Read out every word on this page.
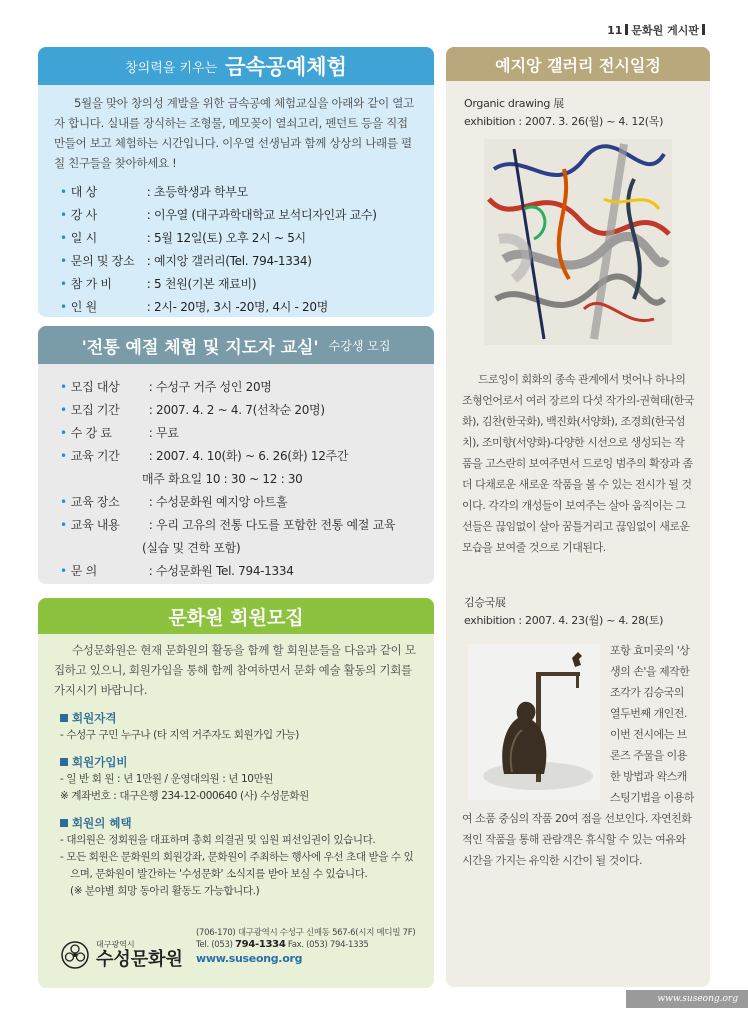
11 문화원 게시판
창의력을 키우는 금속공예체험

5월을 맞아 창의성 계발을 위한 금속공예 체험교실을 아래와 같이 열고자 합니다. 실내를 장식하는 조형물, 메모꽂이 열쇠고리, 펜던트 등을 직접 만들어 보고 체험하는 시간입니다. 이우열 선생님과 함께 상상의 나래를 펼칠 친구들을 찾아하세요 !

• 대 상	: 초등학생과 학부모
• 강 사	: 이우열 (대구과학대학교 보석디자인과 교수)
• 일 시	: 5월 12일(토) 오후 2시 ~ 5시
• 문의 및 장소 : 예지앙 갤러리(Tel. 794-1334)
• 참 가 비	: 5 천원(기본 재료비)
• 인 원	: 2시- 20명, 3시 -20명, 4시 - 20명
'전통 예절 체험 및 지도자 교실' 수강생 모집
• 모집 대상 : 수성구 거주 성인 20명
• 모집 기간 : 2007. 4. 2 ~ 4. 7(선착순 20명)
• 수 강 료	: 무료
• 교육 기간 : 2007. 4. 10(화) ~ 6. 26(화) 12주간
매주 화요일 10 : 30 ~ 12 : 30
• 교육 장소 : 수성문화원 예지앙 아트홀
• 교육 내용 : 우리 고유의 전통 다도를 포함한 전통 예절 교육
(실습 및 견학 포함)
• 문 의	: 수성문화원 Tel. 794-1334
문화원 회원모집

수성문화원은 현재 문화원의 활동을 함께 할 회원분들을 다음과 같이 모집하고 있으니, 회원가입을 통해 함께 참여하면서 문화 예술 활동의 기회를 가지시기 바랍니다.

회원자격
- 수성구 구민 누구나 (타 지역 거주자도 회원가입 가능)
회원가입비
- 일 반 회 원 : 년 1만원 / 운영대의원 : 년 10만원
※ 계좌번호 : 대구은행 234-12-000640 (사) 수성문화원
회원의 혜택
- 대의원은 정회원을 대표하며 총회 의결권 및 임원 피선임권이 있습니다.
- 모든 회원은 문화원의 회원강좌, 문화원이 주최하는 행사에 우선 초대 받을 수 있
으며, 문화원이 발간하는 '수성문화' 소식지를 받아 보실 수 있습니다.
(※ 분야별 희망 동아리 활동도 가능합니다.)
대구광역시
수성문화원
(706-170) 대구광역시 수성구 신매동 567-6(시지 메디빌 7F)
Tel. (053) 794-1334 Fax. (053) 794-1335
www.suseong.org
예지앙 갤러리 전시일정
Organic drawing 展
exhibition : 2007. 3. 26(월) ~ 4. 12(목)

드로잉이 회화의 종속 관계에서 벗어나 하나의 조형언어로서 여러 장르의 다섯 작가의-권혁태(한국화), 김찬(한국화), 백진화(서양화), 조경희(한국섬치), 조미향(서양화)-다양한 시선으로 생성되는 작품을 고스란히 보여주면서 드로잉 범주의 확장과 좀 더 다채로운 새로운 작품을 볼 수 있는 전시가 될 것이다. 각각의 개성들이 보여주는 살아 움직이는 그 선들은 끊임없이 살아 꿈틀거리고 끊임없이 새로운 모습을 보여줄 것으로 기대된다.

김승국展
exhibition : 2007. 4. 23(월) ~ 4. 28(토)

포항 효미곶의 '상생의 손'을 제작한 조각가 김승국의 열두번째 개인전. 이번 전시에는 브론즈 주물을 이용한 방법과 왁스캐스팅기법을 이용하여 소품 중심의 작품 20여 점을 선보인다. 자연친화적인 작품을 통해 관람객은 휴식할 수 있는 여유와 시간을 가지는 유익한 시간이 될 것이다.

www.suseong.org
